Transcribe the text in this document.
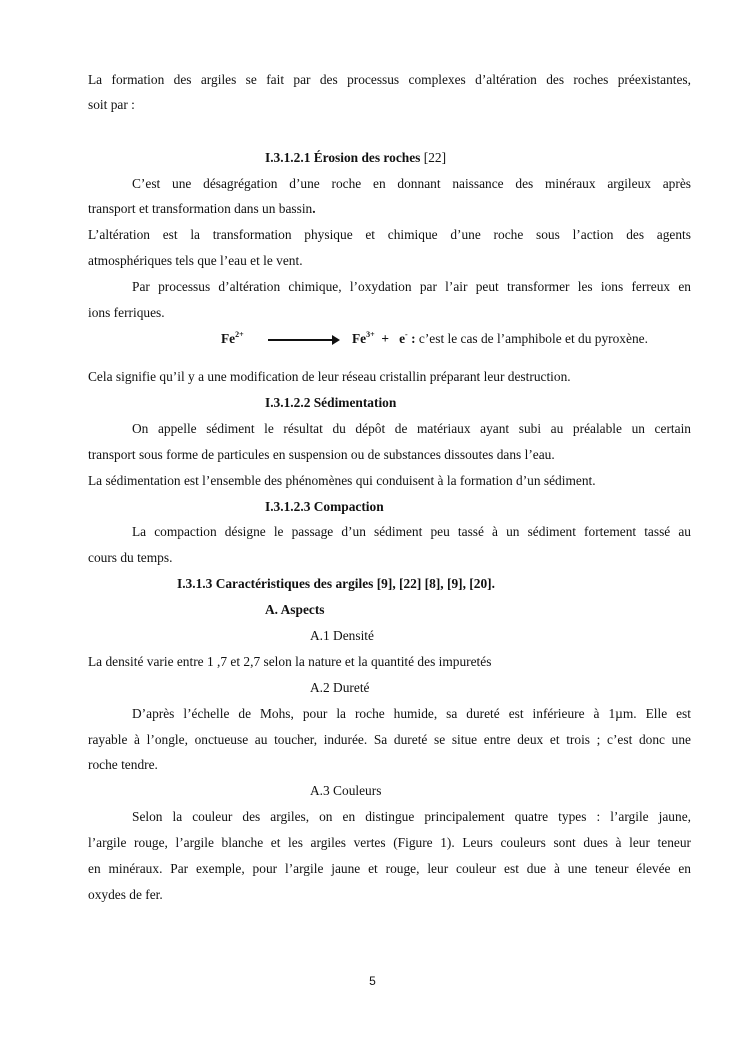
La formation des argiles se fait par des processus complexes d’altération des roches préexistantes,
soit par :
I.3.1.2.1 Érosion des roches [22]
C’est une désagrégation d’une roche en donnant naissance des minéraux argileux après
transport et transformation dans un bassin.
L’altération est la transformation physique et chimique d’une roche sous l’action des agents
atmosphériques tels que l’eau et le vent.
Par processus d’altération chimique, l’oxydation par l’air peut transformer les ions ferreux en
ions ferriques.
$Fe^{2+}$	$Fe^{3+} + e^-$ : c’est le cas de l’amphibole et du pyroxène.
Cela signifie qu’il y a une modification de leur réseau cristallin préparant leur destruction.
I.3.1.2.2 Sédimentation
On appelle sédiment le résultat du dépôt de matériaux ayant subi au préalable un certain
transport sous forme de particules en suspension ou de substances dissoutes dans l’eau.
La sédimentation est l’ensemble des phénomènes qui conduisent à la formation d’un sédiment.
I.3.1.2.3 Compaction
La compaction désigne le passage d’un sédiment peu tassé à un sédiment fortement tassé au
cours du temps.
I.3.1.3 Caractéristiques des argiles [9], [22] [8], [9], [20].
A. Aspects
A.1 Densité
La densité varie entre 1 ,7 et 2,7 selon la nature et la quantité des impuretés
A.2 Dureté
D’après l’échelle de Mohs, pour la roche humide, sa dureté est inférieure à 1µm. Elle est
rayable à l’ongle, onctueuse au toucher, indurée. Sa dureté se situe entre deux et trois ; c’est donc une
roche tendre.
A.3 Couleurs
Selon la couleur des argiles, on en distingue principalement quatre types : l’argile jaune,
l’argile rouge, l’argile blanche et les argiles vertes (Figure 1). Leurs couleurs sont dues à leur teneur
en minéraux. Par exemple, pour l’argile jaune et rouge, leur couleur est due à une teneur élevée en
oxydes de fer.
5
